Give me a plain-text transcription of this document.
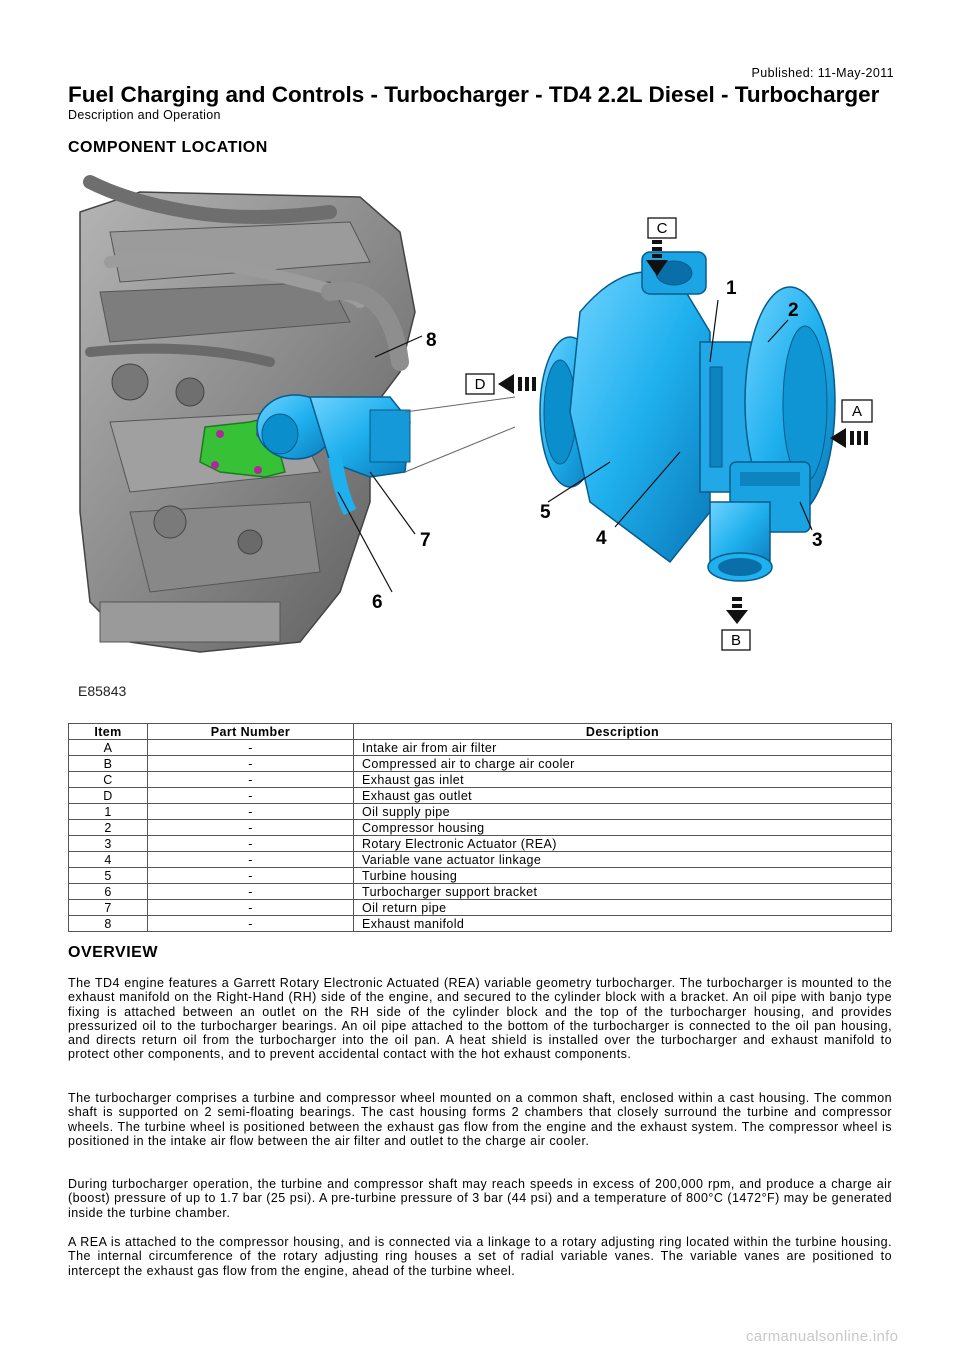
Published: 11-May-2011
Fuel Charging and Controls - Turbocharger - TD4 2.2L Diesel - Turbocharger
Description and Operation
COMPONENT LOCATION
C
D
A
B
1
2
3
4
5
6
7
8
E85843
Item	Part Number	Description
A	-	Intake air from air filter
B	-	Compressed air to charge air cooler
C	-	Exhaust gas inlet
D	-	Exhaust gas outlet
1	-	Oil supply pipe
2	-	Compressor housing
3	-	Rotary Electronic Actuator (REA)
4	-	Variable vane actuator linkage
5	-	Turbine housing
6	-	Turbocharger support bracket
7	-	Oil return pipe
8	-	Exhaust manifold
OVERVIEW

The TD4 engine features a Garrett Rotary Electronic Actuated (REA) variable geometry turbocharger. The turbocharger is mounted to the exhaust manifold on the Right-Hand (RH) side of the engine, and secured to the cylinder block with a bracket. An oil pipe with banjo type fixing is attached between an outlet on the RH side of the cylinder block and the top of the turbocharger housing, and provides pressurized oil to the turbocharger bearings. An oil pipe attached to the bottom of the turbocharger is connected to the oil pan housing, and directs return oil from the turbocharger into the oil pan. A heat shield is installed over the turbocharger and exhaust manifold to protect other components, and to prevent accidental contact with the hot exhaust components.

The turbocharger comprises a turbine and compressor wheel mounted on a common shaft, enclosed within a cast housing. The common shaft is supported on 2 semi-floating bearings. The cast housing forms 2 chambers that closely surround the turbine and compressor wheels. The turbine wheel is positioned between the exhaust gas flow from the engine and the exhaust system. The compressor wheel is positioned in the intake air flow between the air filter and outlet to the charge air cooler.

During turbocharger operation, the turbine and compressor shaft may reach speeds in excess of 200,000 rpm, and produce a charge air (boost) pressure of up to 1.7 bar (25 psi). A pre-turbine pressure of 3 bar (44 psi) and a temperature of 800°C (1472°F) may be generated inside the turbine chamber.

A REA is attached to the compressor housing, and is connected via a linkage to a rotary adjusting ring located within the turbine housing. The internal circumference of the rotary adjusting ring houses a set of radial variable vanes. The variable vanes are positioned to intercept the exhaust gas flow from the engine, ahead of the turbine wheel.

carmanualsonline.info
